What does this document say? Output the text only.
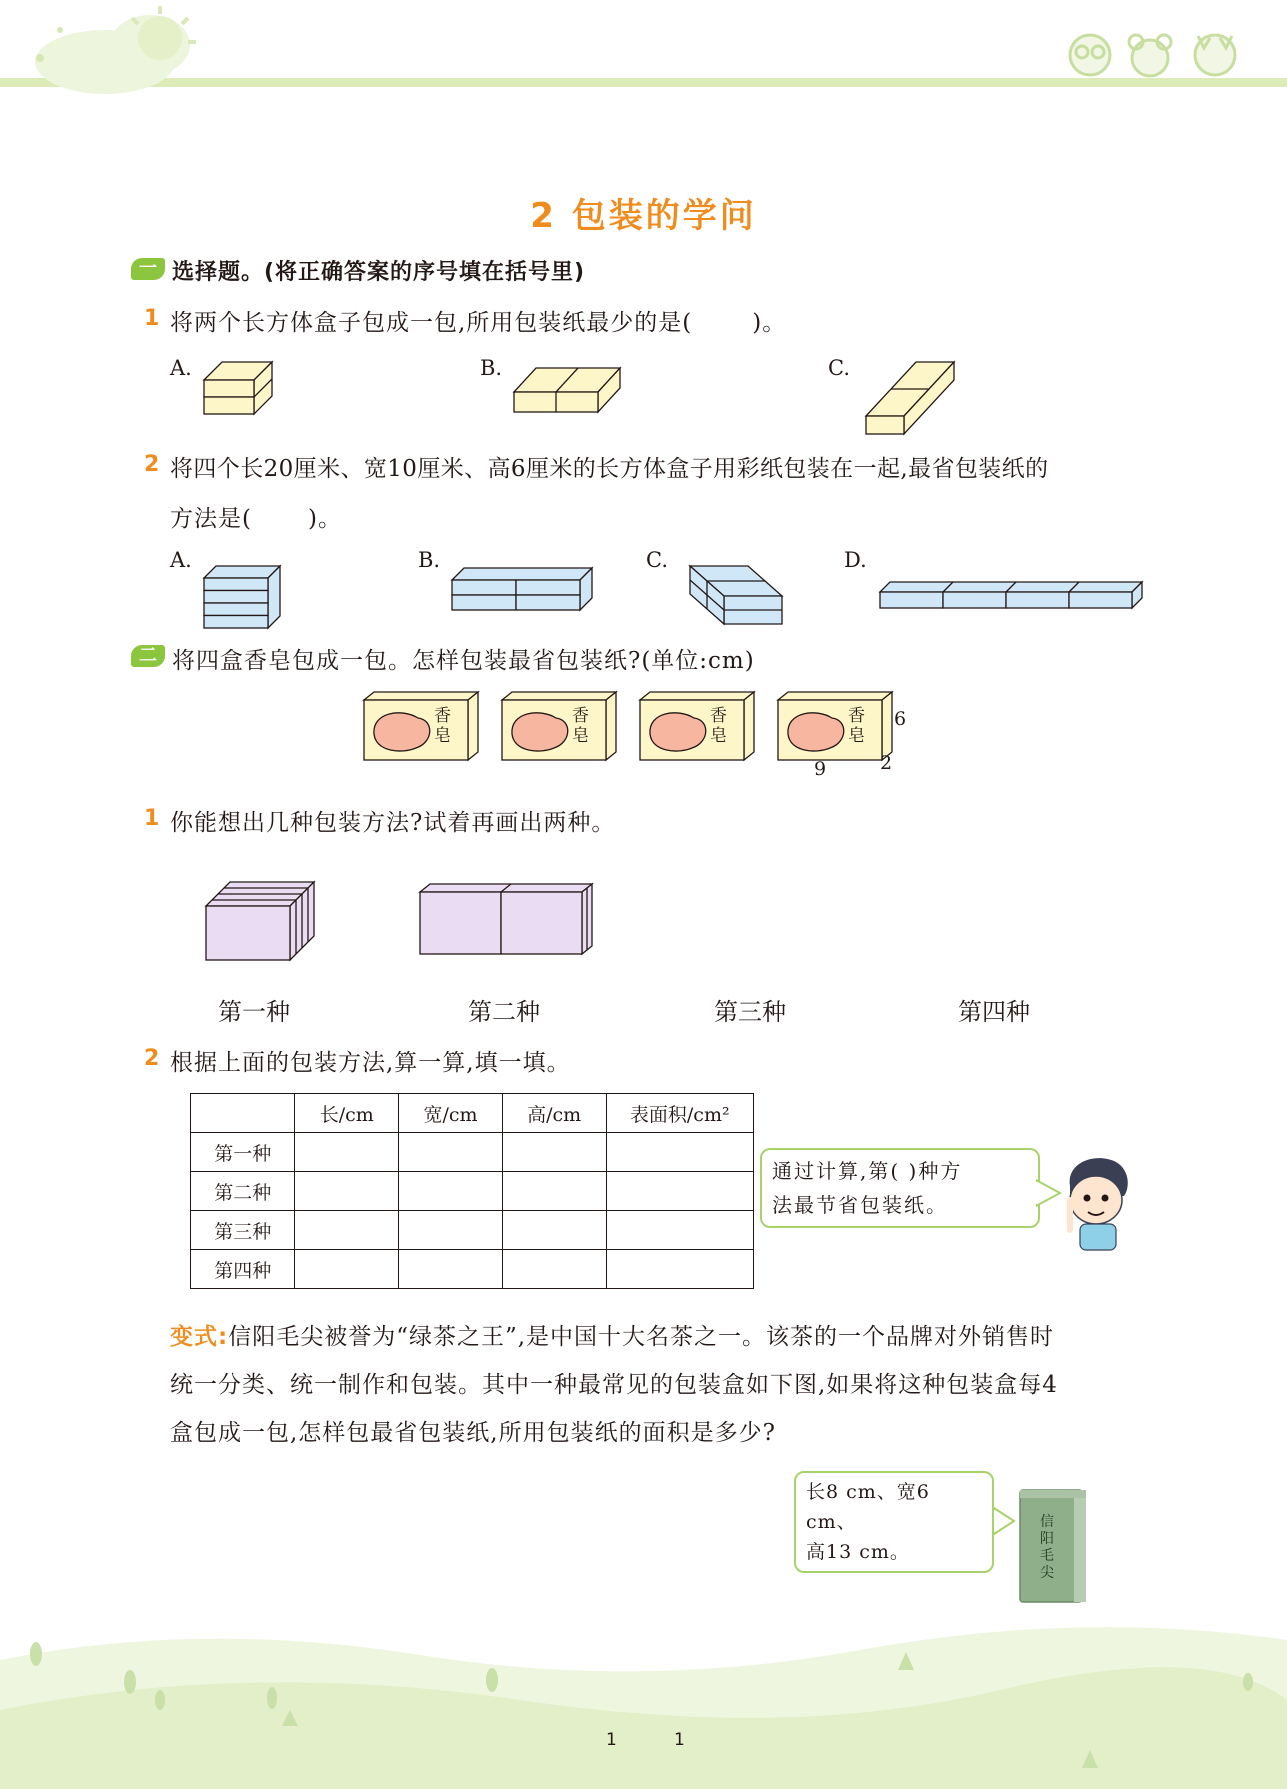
2 包装的学问
一 选择题。(将正确答案的序号填在括号里)
1 将两个长方体盒子包成一包,所用包装纸最少的是(	)。
A.	B.	C.
2 将四个长20厘米、宽10厘米、高6厘米的长方体盒子用彩纸包装在一起,最省包装纸的
方法是( )。
A.	B.	C.	D.
二 将四盒香皂包成一包。怎样包装最省包装纸?(单位:cm)
香
皂
香
皂
香
皂
香
皂
6
9	2
1 你能想出几种包装方法?试着再画出两种。
第一种	第二种	第三种	第四种
2 根据上面的包装方法,算一算,填一填。
	长/cm	宽/cm	高/cm	表面积/cm²
第一种				
第二种				
第三种				
第四种				
通过计算,第( )种方
法最节省包装纸。
变式:信阳毛尖被誉为“绿茶之王”,是中国十大名茶之一。该茶的一个品牌对外销售时
统一分类、统一制作和包装。其中一种最常见的包装盒如下图,如果将这种包装盒每4
盒包成一包,怎样包最省包装纸,所用包装纸的面积是多少?
长8 cm、宽6 cm、
高13 cm。
信阳毛尖
1	1
